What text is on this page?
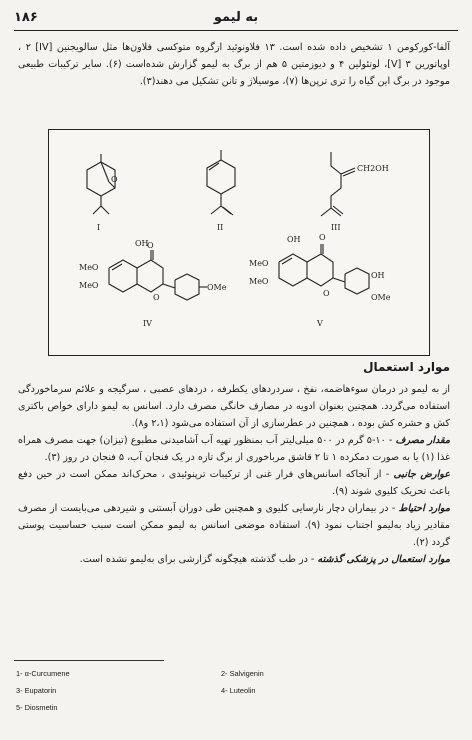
به لیمو
۱۸۶
آلفا-کورکومن ۱ تشخیص داده شده است. ۱۳ فلاونوئید ازگروه متوکسی فلاون‌ها مثل سالویجنین [IV] ۲ ، اوپاتورین ۳ [V]، لوتئولین ۴ و دیوزمتین ۵ هم از برگ به لیمو گزارش شده‌است (۶). سایر ترکیبات طبیعی موجود در برگ این گیاه را تری ترپن‌ها (۷)، موسیلاژ و تانن تشکیل می دهند(۳).
O
I	II
CH2OH
III
OH
O
MeO
MeO
O
OMe
IV
OH O
MeO
MeO
O
OH
OMe
V
موارد استعمال
از به لیمو در درمان سوءهاضمه، نفخ ، سردردهای یکطرفه ، دردهای عصبی ، سرگیجه و علائم سرماخوردگی استفاده می‌گردد. همچنین بعنوان ادویه در مصارف خانگی مصرف دارد. اسانس به لیمو دارای خواص باکتری کش و حشره کش بوده ، همچنین در عطرسازی از آن استفاده می‌شود (۲،۱ و۸).
مقدار مصرف - ۱۰-۵ گرم در ۵۰۰ میلی‌لیتر آب بمنظور تهیه آب آشامیدنی مطبوع (تیزان) جهت مصرف همراه غذا (۱) یا به صورت دمکرده ۱ تا ۲ قاشق مرباخوری از برگ تازه در یک فنجان آب، ۵ فنجان در روز (۳).
عوارض جانبی - از آنجاکه اسانس‌های فرار غنی از ترکیبات ترپنوئیدی ، محرک‌اند ممکن است در حین دفع باعث تحریک کلیوی شوند (۹).
موارد احتیاط - در بیماران دچار نارسایی کلیوی و همچنین طی دوران آبستنی و شیردهی می‌بایست از مصرف مقادیر زیاد به‌لیمو اجتناب نمود (۹). استفاده موضعی اسانس به لیمو ممکن است سبب حساسیت پوستی گردد (۲).
موارد استعمال در پزشکی گذشته - در طب گذشته هیچگونه گزارشی برای به‌لیمو نشده است.
1- α-Curcumene	2- Salvigenin
3- Eupatorin	4- Luteolin
5- Diosmetin
